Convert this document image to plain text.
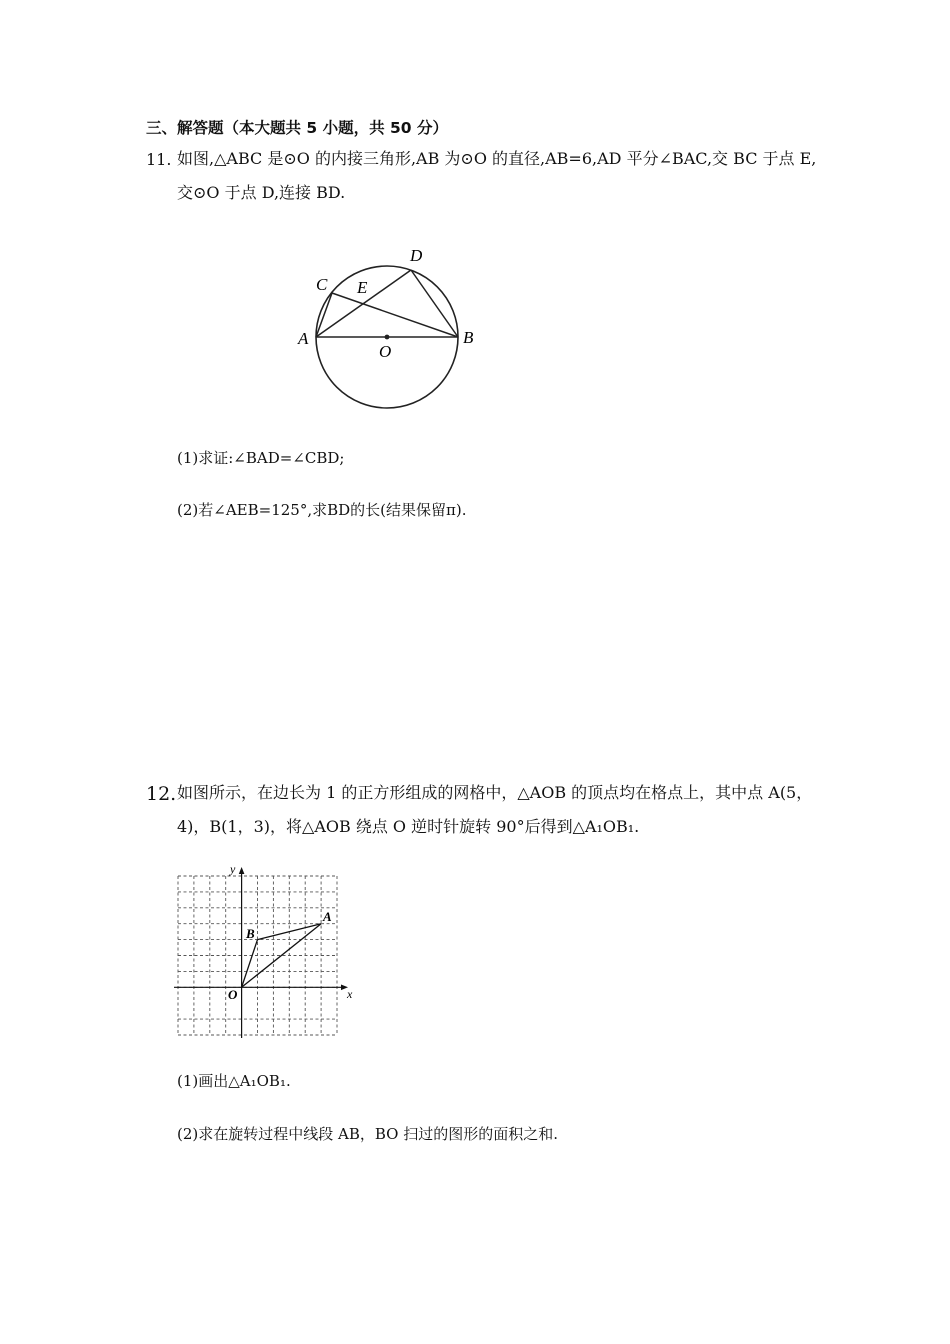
三、解答题（本大题共 5 小题，共 50 分）
11. 如图,△ABC 是⊙O 的内接三角形,AB 为⊙O 的直径,AB=6,AD 平分∠BAC,交 BC 于点 E,
交⊙O 于点 D,连接 BD.
A	B
C
D
E
O
(1)求证:∠BAD=∠CBD;
(2)若∠AEB=125°,求BD的长(结果保留π).
12. 如图所示，在边长为 1 的正方形组成的网格中，△AOB 的顶点均在格点上，其中点 A(5，
4)，B(1，3)，将△AOB 绕点 O 逆时针旋转 90°后得到△A₁OB₁.
x
y
O
A
B
(1)画出△A₁OB₁.
(2)求在旋转过程中线段 AB，BO 扫过的图形的面积之和.
